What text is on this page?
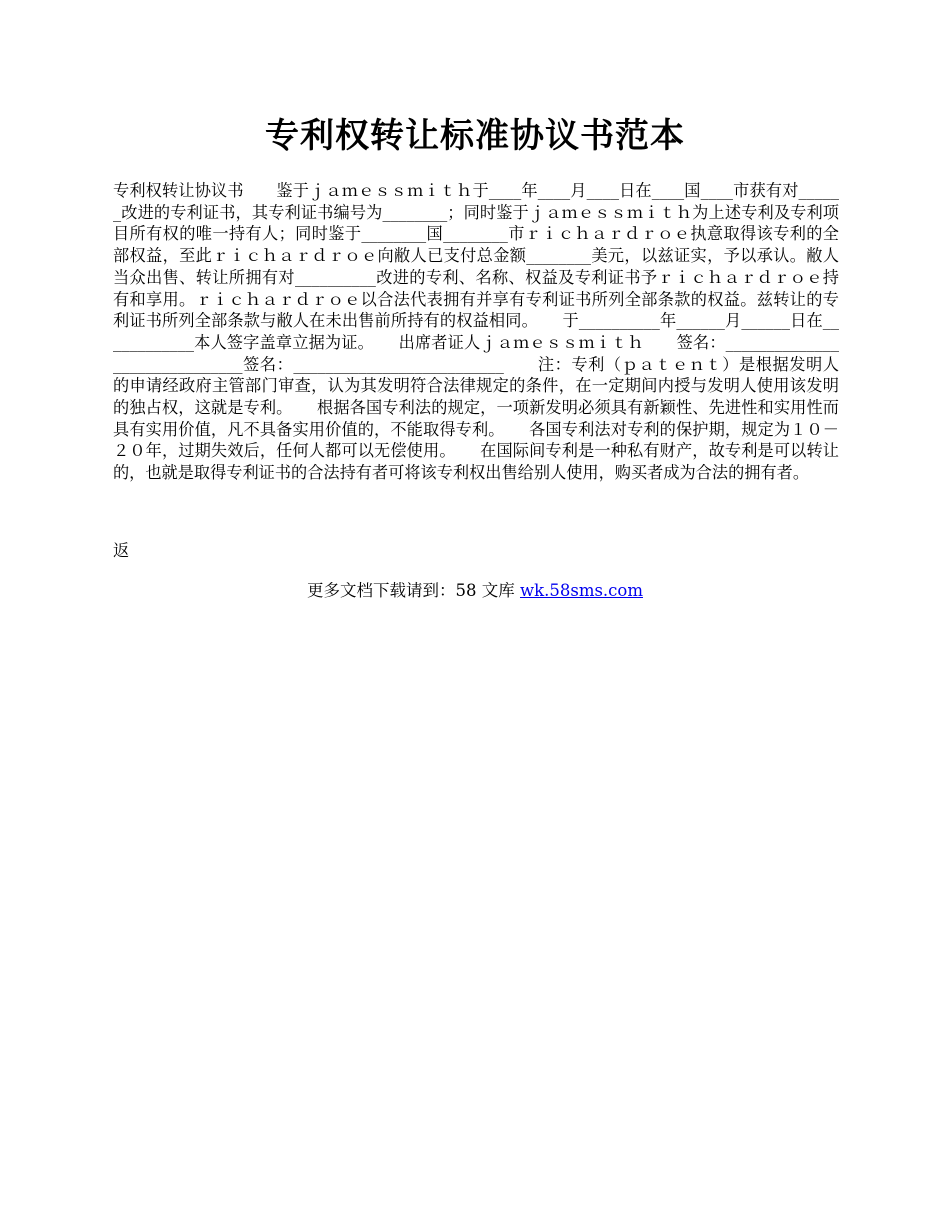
专利权转让标准协议书范本
专利权转让协议书　　鉴于ｊａｍｅｓｓｍｉｔｈ于____年____月____日在____国____市获有对______改进的专利证书，其专利证书编号为________；同时鉴于ｊａｍｅｓｓｍｉｔｈ为上述专利及专利项目所有权的唯一持有人；同时鉴于________国________市ｒｉｃｈａｒｄｒｏｅ执意取得该专利的全部权益，至此ｒｉｃｈａｒｄｒｏｅ向敝人已支付总金额________美元，以兹证实，予以承认。敝人当众出售、转让所拥有对__________改进的专利、名称、权益及专利证书予ｒｉｃｈａｒｄｒｏｅ持有和享用。ｒｉｃｈａｒｄｒｏｅ以合法代表拥有并享有专利证书所列全部条款的权益。兹转让的专利证书所列全部条款与敝人在未出售前所持有的权益相同。　　于__________年______月______日在____________本人签字盖章立据为证。　　出席者证人ｊａｍｅｓｓｍｉｔｈ　　签名：______________________________签名：__________________________　　注：专利（ｐａｔｅｎｔ）是根据发明人的申请经政府主管部门审查，认为其发明符合法律规定的条件，在一定期间内授与发明人使用该发明的独占权，这就是专利。　　根据各国专利法的规定，一项新发明必须具有新颖性、先进性和实用性而具有实用价值，凡不具备实用价值的，不能取得专利。　　各国专利法对专利的保护期，规定为１０－２０年，过期失效后，任何人都可以无偿使用。　　在国际间专利是一种私有财产，故专利是可以转让的，也就是取得专利证书的合法持有者可将该专利权出售给别人使用，购买者成为合法的拥有者。
返
更多文档下载请到：58 文库 wk.58sms.com
